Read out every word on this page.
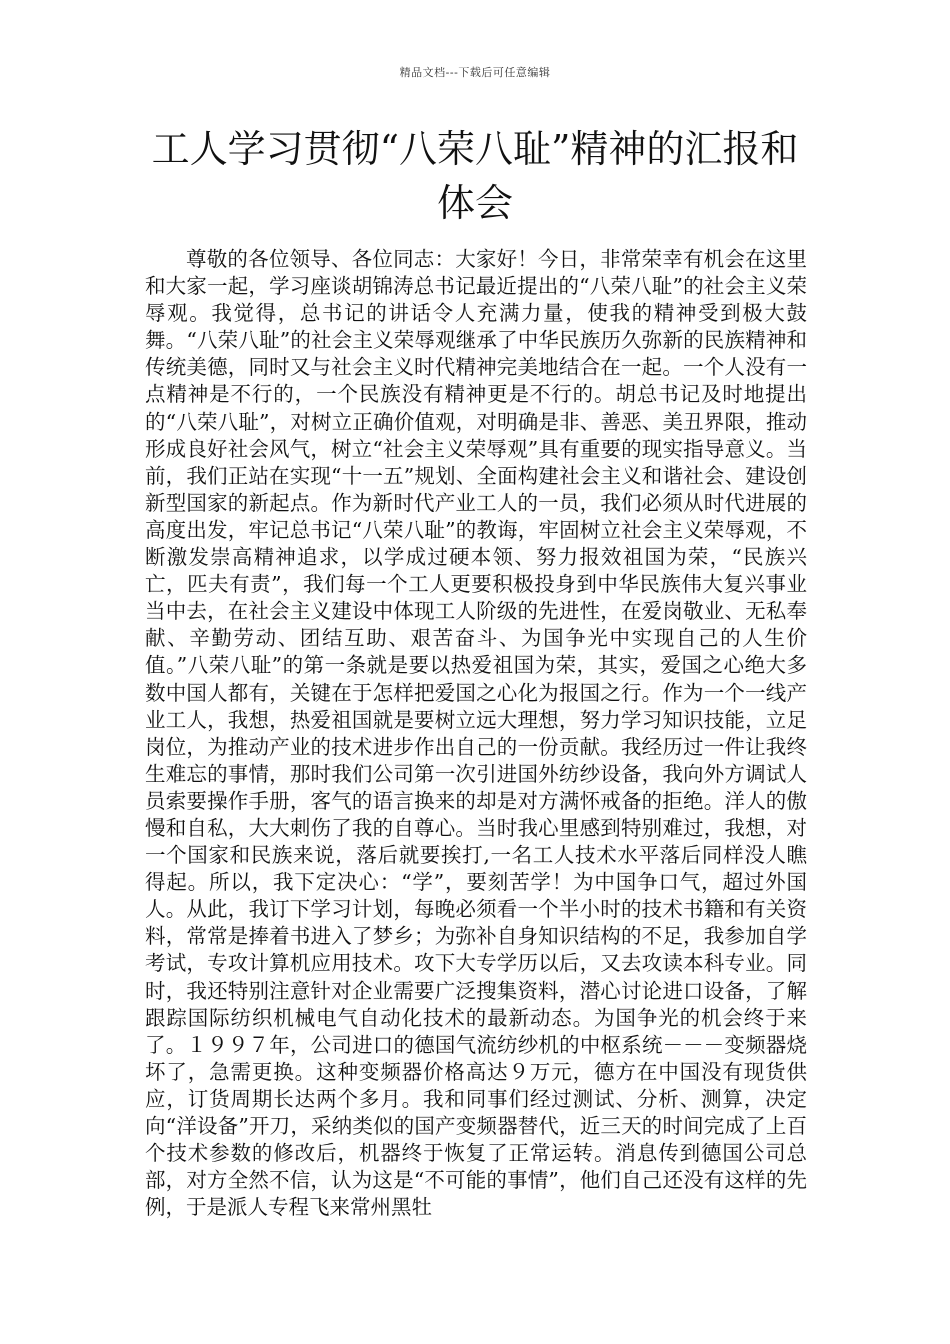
精品文档---下载后可任意编辑
工人学习贯彻“八荣八耻”精神的汇报和体会

尊敬的各位领导、各位同志：大家好！今日，非常荣幸有机会在这里和大家一起，学习座谈胡锦涛总书记最近提出的“八荣八耻”的社会主义荣辱观。我觉得，总书记的讲话令人充满力量，使我的精神受到极大鼓舞。“八荣八耻”的社会主义荣辱观继承了中华民族历久弥新的民族精神和传统美德，同时又与社会主义时代精神完美地结合在一起。一个人没有一点精神是不行的，一个民族没有精神更是不行的。胡总书记及时地提出的“八荣八耻”，对树立正确价值观，对明确是非、善恶、美丑界限，推动形成良好社会风气，树立“社会主义荣辱观”具有重要的现实指导意义。当前，我们正站在实现“十一五”规划、全面构建社会主义和谐社会、建设创新型国家的新起点。作为新时代产业工人的一员，我们必须从时代进展的高度出发，牢记总书记“八荣八耻”的教诲，牢固树立社会主义荣辱观，不断激发崇高精神追求，以学成过硬本领、努力报效祖国为荣，“民族兴亡，匹夫有责”，我们每一个工人更要积极投身到中华民族伟大复兴事业当中去，在社会主义建设中体现工人阶级的先进性，在爱岗敬业、无私奉献、辛勤劳动、团结互助、艰苦奋斗、为国争光中实现自己的人生价值。”八荣八耻”的第一条就是要以热爱祖国为荣，其实，爱国之心绝大多数中国人都有，关键在于怎样把爱国之心化为报国之行。作为一个一线产业工人，我想，热爱祖国就是要树立远大理想，努力学习知识技能，立足岗位，为推动产业的技术进步作出自己的一份贡献。我经历过一件让我终生难忘的事情，那时我们公司第一次引进国外纺纱设备，我向外方调试人员索要操作手册，客气的语言换来的却是对方满怀戒备的拒绝。洋人的傲慢和自私，大大刺伤了我的自尊心。当时我心里感到特别难过，我想，对一个国家和民族来说，落后就要挨打,一名工人技术水平落后同样没人瞧得起。所以，我下定决心：“学”，要刻苦学！为中国争口气，超过外国人。从此，我订下学习计划，每晚必须看一个半小时的技术书籍和有关资料，常常是捧着书进入了梦乡；为弥补自身知识结构的不足，我参加自学考试，专攻计算机应用技术。攻下大专学历以后，又去攻读本科专业。同时，我还特别注意针对企业需要广泛搜集资料，潜心讨论进口设备，了解跟踪国际纺织机械电气自动化技术的最新动态。为国争光的机会终于来了。１９９７年，公司进口的德国气流纺纱机的中枢系统－－－变频器烧坏了，急需更换。这种变频器价格高达９万元，德方在中国没有现货供应，订货周期长达两个多月。我和同事们经过测试、分析、测算，决定向“洋设备”开刀，采纳类似的国产变频器替代，近三天的时间完成了上百个技术参数的修改后，机器终于恢复了正常运转。消息传到德国公司总部，对方全然不信，认为这是“不可能的事情”，他们自己还没有这样的先例，于是派人专程飞来常州黑牡
